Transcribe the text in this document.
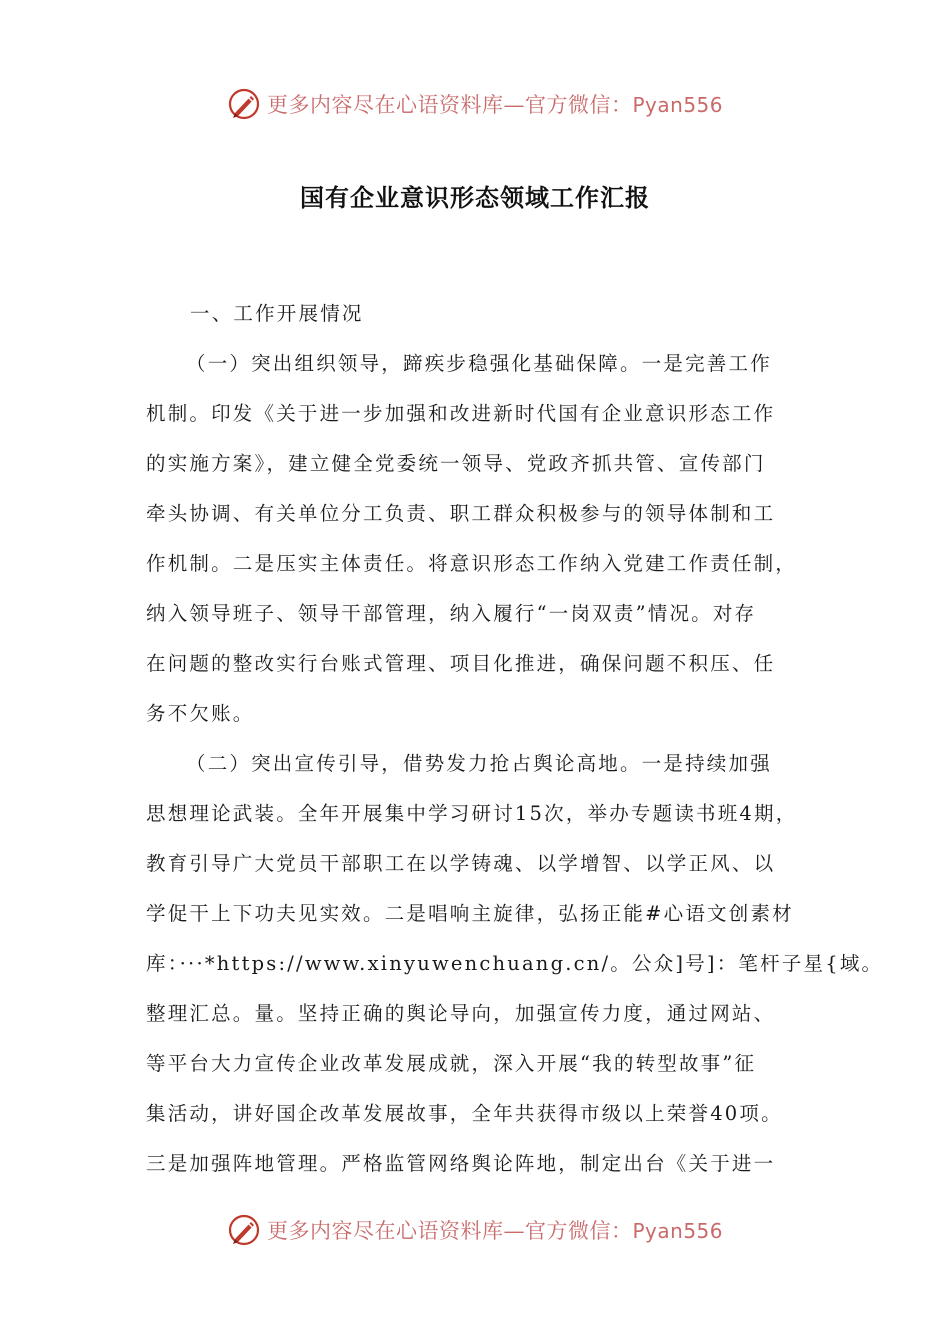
更多内容尽在心语资料库—官方微信：Pyan556
国有企业意识形态领域工作汇报
一、工作开展情况
（一）突出组织领导，蹄疾步稳强化基础保障。一是完善工作
机制。印发《关于进一步加强和改进新时代国有企业意识形态工作
的实施方案》，建立健全党委统一领导、党政齐抓共管、宣传部门
牵头协调、有关单位分工负责、职工群众积极参与的领导体制和工
作机制。二是压实主体责任。将意识形态工作纳入党建工作责任制，
纳入领导班子、领导干部管理，纳入履行“一岗双责”情况。对存
在问题的整改实行台账式管理、项目化推进，确保问题不积压、任
务不欠账。
（二）突出宣传引导，借势发力抢占舆论高地。一是持续加强
思想理论武装。全年开展集中学习研讨15次，举办专题读书班4期，
教育引导广大党员干部职工在以学铸魂、以学增智、以学正风、以
学促干上下功夫见实效。二是唱响主旋律，弘扬正能#心语文创素材
库：···*https://www.xinyuwenchuang.cn/。公众]号]：笔杆子星{域。
整理汇总。量。坚持正确的舆论导向，加强宣传力度，通过网站、
等平台大力宣传企业改革发展成就，深入开展“我的转型故事”征
集活动，讲好国企改革发展故事，全年共获得市级以上荣誉40项。
三是加强阵地管理。严格监管网络舆论阵地，制定出台《关于进一
更多内容尽在心语资料库—官方微信：Pyan556
